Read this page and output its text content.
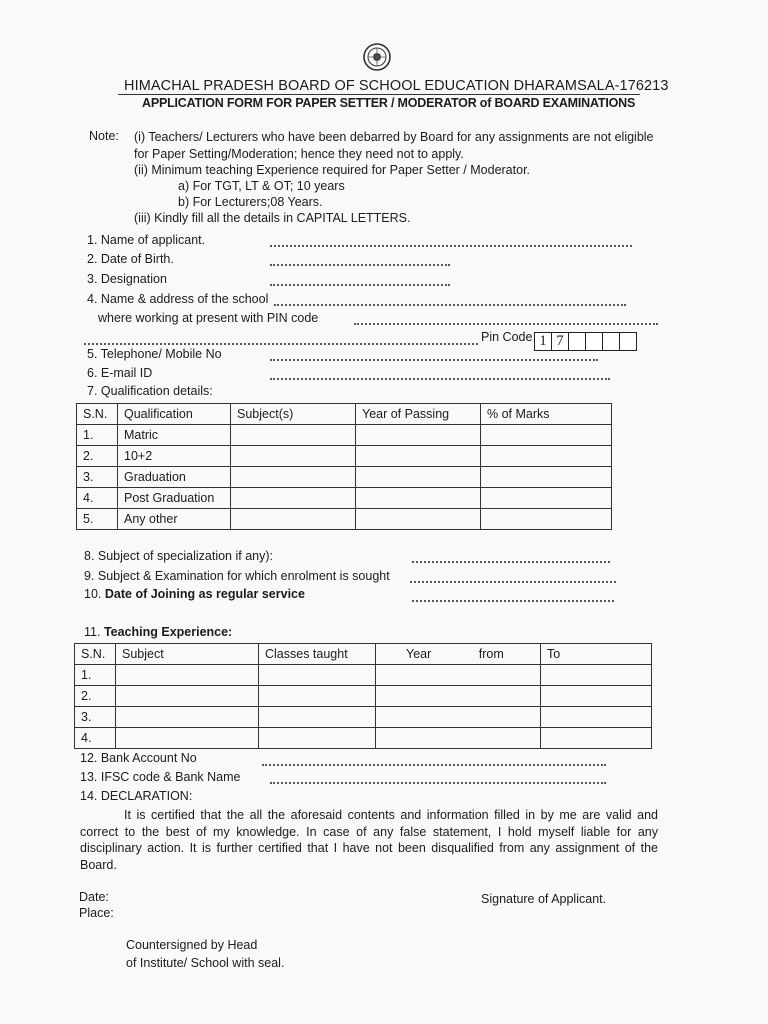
HIMACHAL PRADESH BOARD OF SCHOOL EDUCATION DHARAMSALA-176213
APPLICATION FORM FOR PAPER SETTER / MODERATOR of BOARD EXAMINATIONS
Note: (i) Teachers/ Lecturers who have been debarred by Board for any assignments are not eligible
for Paper Setting/Moderation; hence they need not to apply.
(ii) Minimum teaching Experience required for Paper Setter / Moderator.
a) For TGT, LT & OT; 10 years
b) For Lecturers;08 Years.
(iii) Kindly fill all the details in CAPITAL LETTERS.
1. Name of applicant.
2. Date of Birth.
3. Designation
4. Name & address of the school
where working at present with PIN code
Pin Code 1	7				
5. Telephone/ Mobile No
6. E-mail ID
7. Qualification details:
S.N.	Qualification	Subject(s)	Year of Passing	% of Marks
1.	Matric			
2.	10+2			
3.	Graduation			
4.	Post Graduation			
5.	Any other			
8. Subject of specialization if any):
9. Subject & Examination for which enrolment is sought
10. Date of Joining as regular service
11. Teaching Experience:
S.N.	Subject	Classes taught	Year from	To
1.				
2.				
3.				
4.				
12. Bank Account No
13. IFSC code & Bank Name
14. DECLARATION:
It is certified that the all the aforesaid contents and information filled in by me are valid and correct to the best of my knowledge. In case of any false statement, I hold myself liable for any disciplinary action. It is further certified that I have not been disqualified from any assignment of the Board.
Date:
Place:
Signature of Applicant.
Countersigned by Head
of Institute/ School with seal.
